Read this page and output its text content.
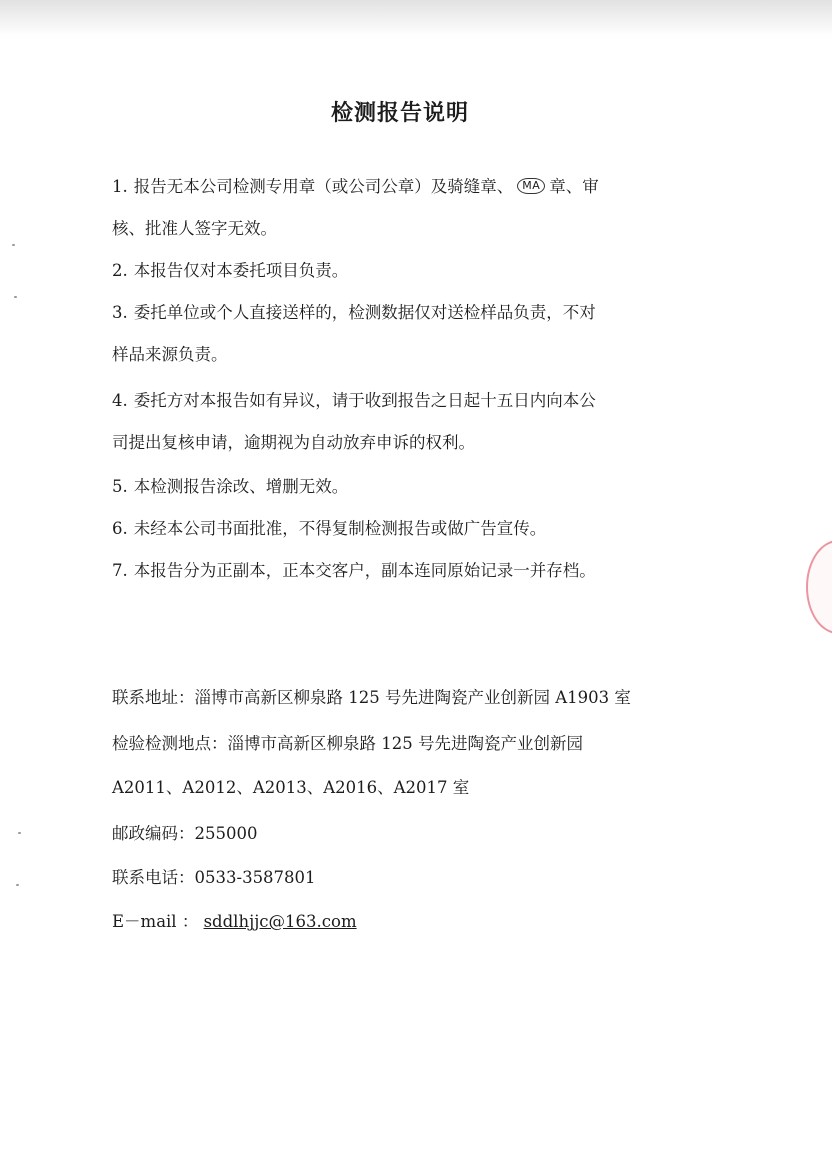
检测报告说明
1. 报告无本公司检测专用章（或公司公章）及骑缝章、 MA 章、审
核、批准人签字无效。
2. 本报告仅对本委托项目负责。
3. 委托单位或个人直接送样的，检测数据仅对送检样品负责，不对
样品来源负责。
4. 委托方对本报告如有异议，请于收到报告之日起十五日内向本公
司提出复核申请，逾期视为自动放弃申诉的权利。
5. 本检测报告涂改、增删无效。
6. 未经本公司书面批准，不得复制检测报告或做广告宣传。
7. 本报告分为正副本，正本交客户，副本连同原始记录一并存档。
联系地址：淄博市高新区柳泉路 125 号先进陶瓷产业创新园 A1903 室
检验检测地点：淄博市高新区柳泉路 125 号先进陶瓷产业创新园
A2011、A2012、A2013、A2016、A2017 室
邮政编码：255000
联系电话：0533-3587801
E－mail ： sddlhjjc@163.com
